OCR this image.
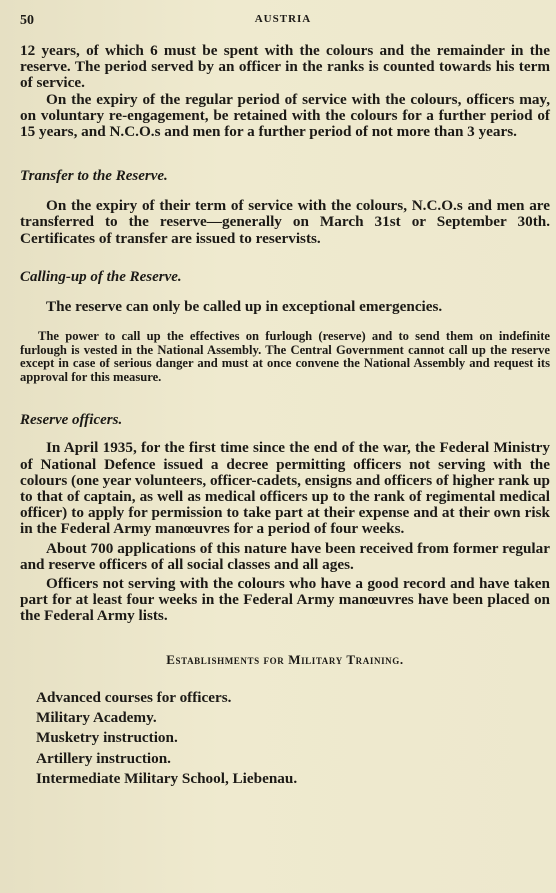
50	AUSTRIA

12 years, of which 6 must be spent with the colours and the remainder in the reserve. The period served by an officer in the ranks is counted towards his term of service.

On the expiry of the regular period of service with the colours, officers may, on voluntary re-engagement, be retained with the colours for a further period of 15 years, and N.C.O.s and men for a further period of not more than 3 years.

Transfer to the Reserve.

On the expiry of their term of service with the colours, N.C.O.s and men are transferred to the reserve—generally on March 31st or September 30th. Certificates of transfer are issued to reservists.

Calling-up of the Reserve.

The reserve can only be called up in exceptional emergencies.

The power to call up the effectives on furlough (reserve) and to send them on indefinite furlough is vested in the National Assembly. The Central Government cannot call up the reserve except in case of serious danger and must at once convene the National Assembly and request its approval for this measure.

Reserve officers.

In April 1935, for the first time since the end of the war, the Federal Ministry of National Defence issued a decree permitting officers not serving with the colours (one year volunteers, officer-cadets, ensigns and officers of higher rank up to that of captain, as well as medical officers up to the rank of regimental medical officer) to apply for permission to take part at their expense and at their own risk in the Federal Army manœuvres for a period of four weeks.

About 700 applications of this nature have been received from former regular and reserve officers of all social classes and all ages.

Officers not serving with the colours who have a good record and have taken part for at least four weeks in the Federal Army manœuvres have been placed on the Federal Army lists.

Establishments for Military Training.

Advanced courses for officers.
Military Academy.
Musketry instruction.
Artillery instruction.
Intermediate Military School, Liebenau.
